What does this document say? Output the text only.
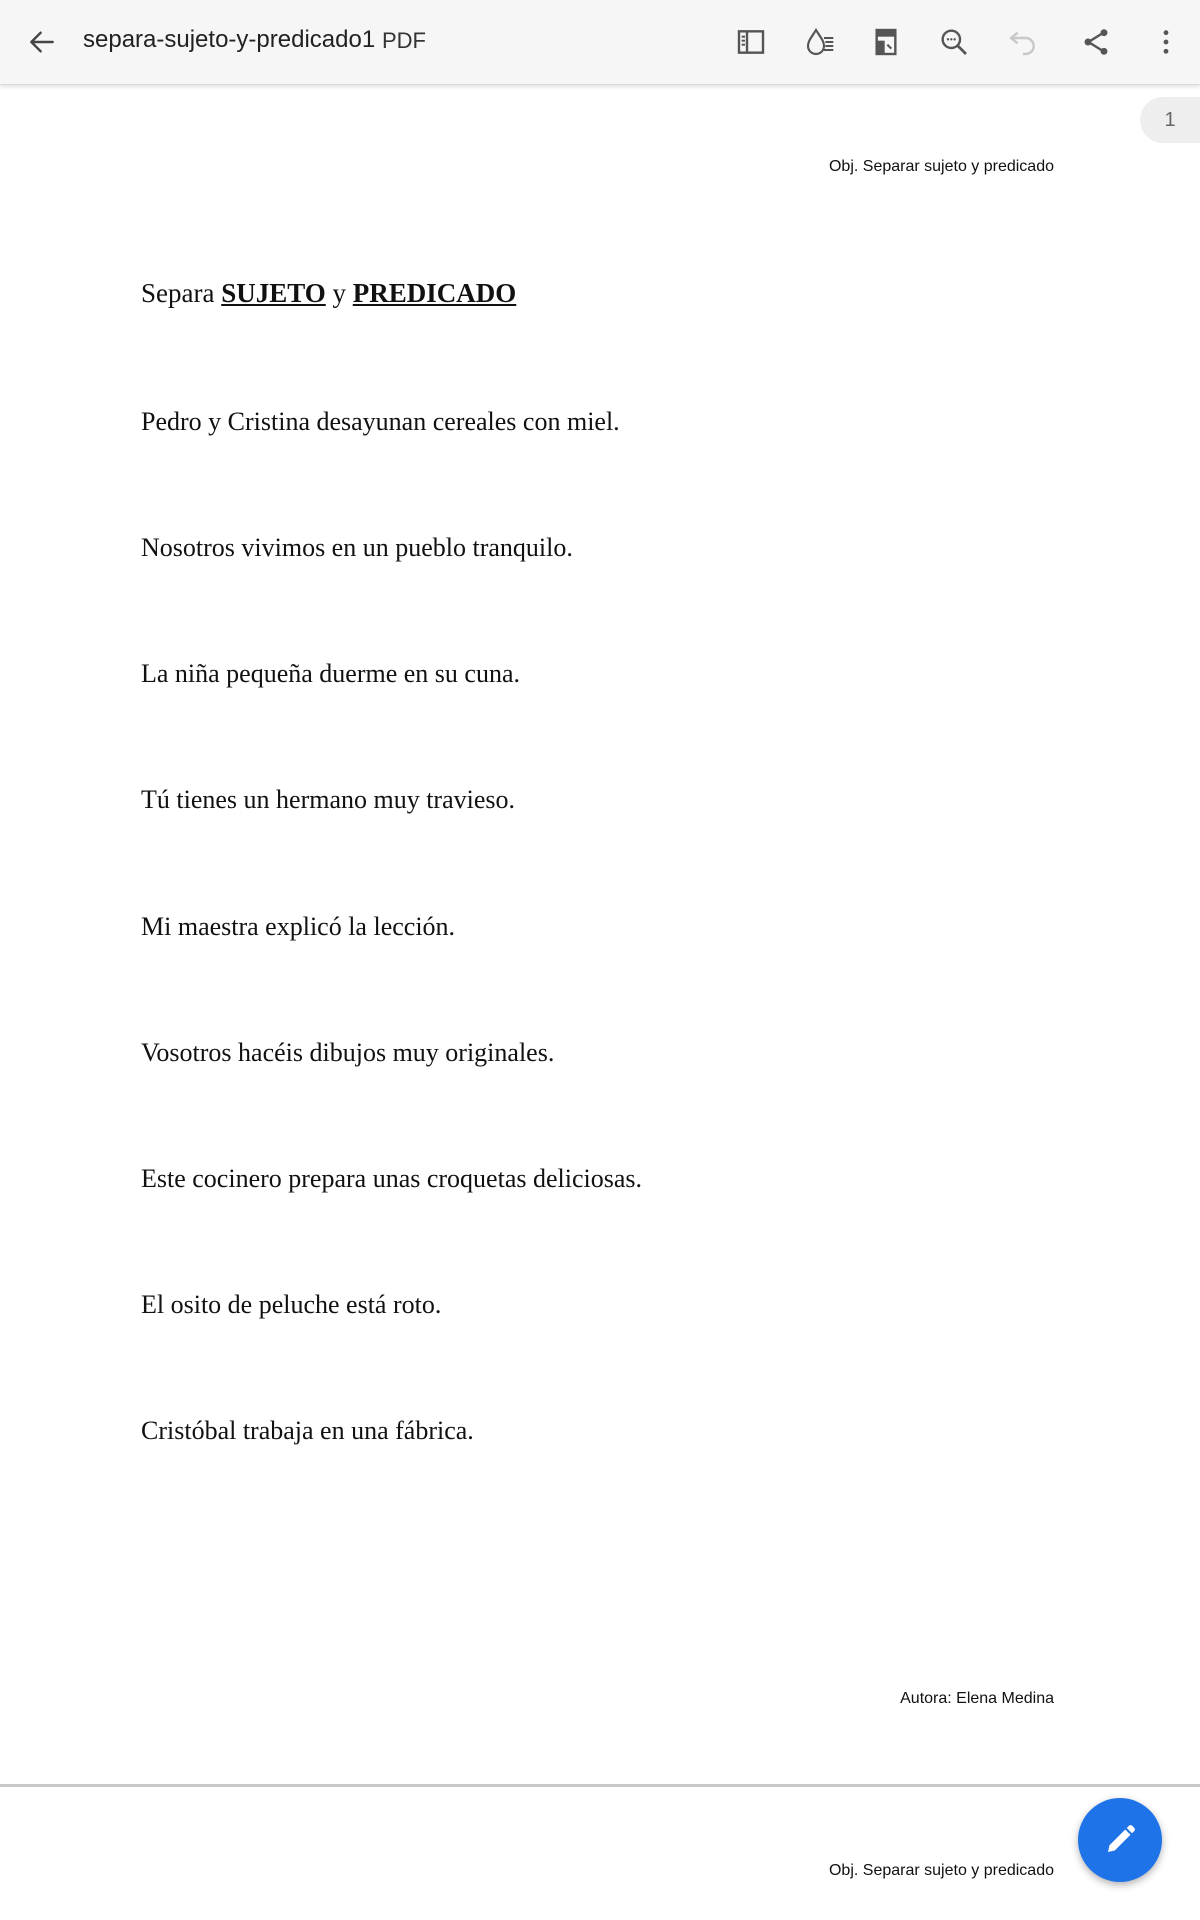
separa-sujeto-y-predicado1 PDF
1
Obj. Separar sujeto y predicado
Separa SUJETO y PREDICADO
Pedro y Cristina desayunan cereales con miel.
Nosotros vivimos en un pueblo tranquilo.
La niña pequeña duerme en su cuna.
Tú tienes un hermano muy travieso.
Mi maestra explicó la lección.
Vosotros hacéis dibujos muy originales.
Este cocinero prepara unas croquetas deliciosas.
El osito de peluche está roto.
Cristóbal trabaja en una fábrica.
Autora: Elena Medina
Obj. Separar sujeto y predicado
